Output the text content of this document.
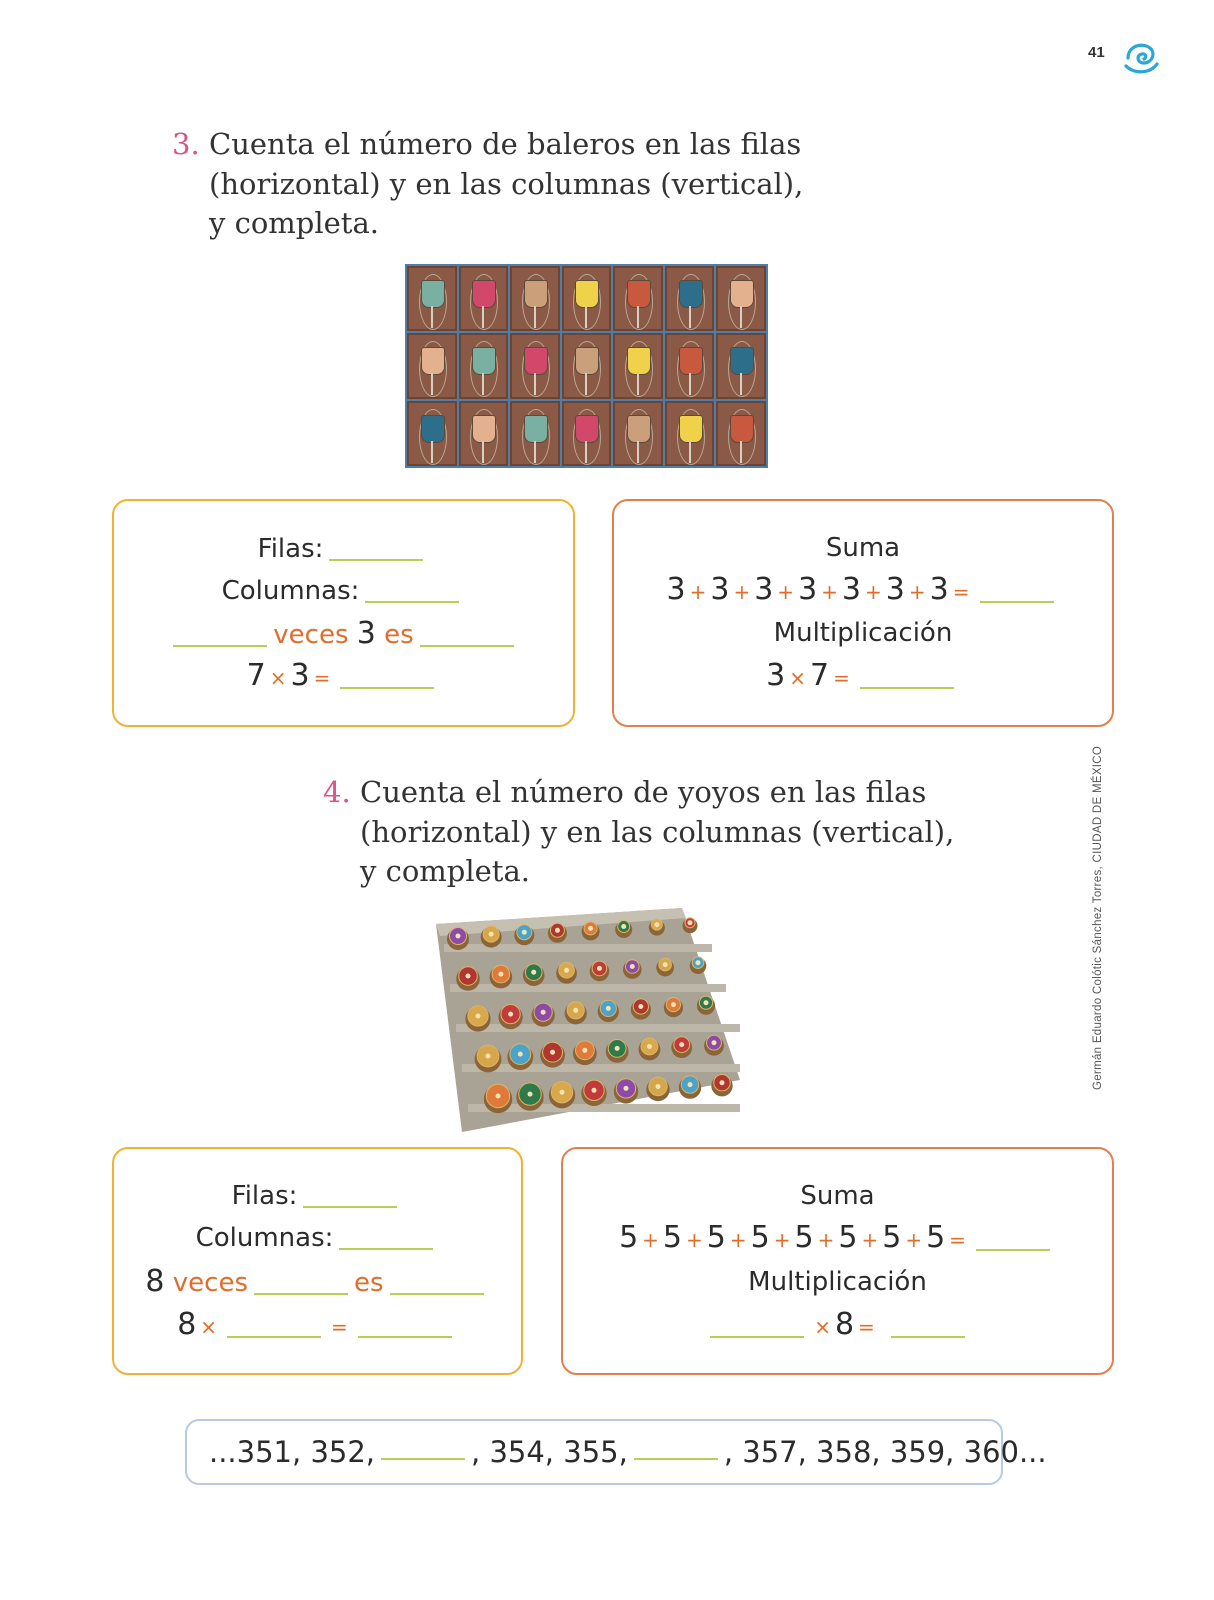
41
3. Cuenta el número de baleros en las filas
(horizontal) y en las columnas (vertical),
y completa.
Filas:
Columnas:
veces 3 es
7 × 3 =
Suma
3 + 3 + 3 + 3 + 3 + 3 + 3 =
Multiplicación
3 × 7 =
4. Cuenta el número de yoyos en las filas
(horizontal) y en las columnas (vertical),
y completa.	Germán Eduardo Colótic Sánchez Torres, CIUDAD DE MÉXICO
Filas:
Columnas:
8 veces	es
8 ×	=
Suma
5 + 5 + 5 + 5 + 5 + 5 + 5 + 5 =
Multiplicación
× 8 =
...351, 352,	, 354, 355,	, 357, 358, 359, 360...
